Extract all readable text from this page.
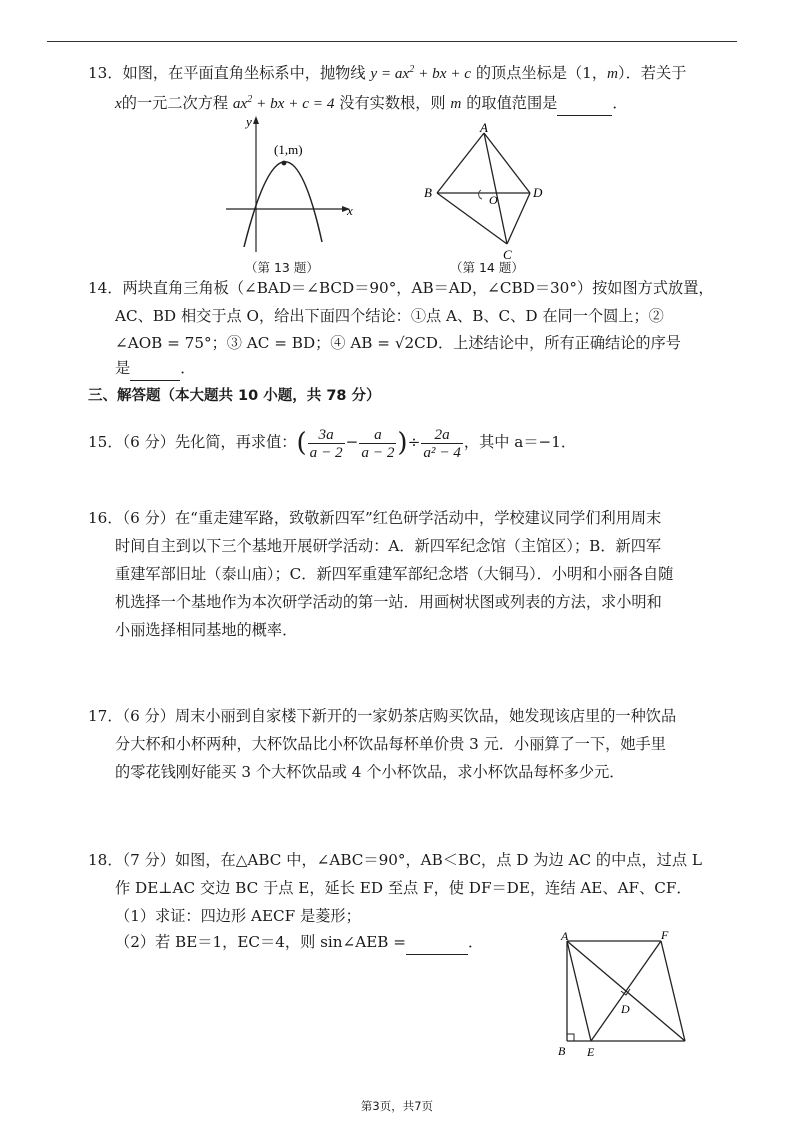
13．如图，在平面直角坐标系中，抛物线 $y = ax^2$ + bx + c 的顶点坐标是（1，m）．若关于
x的一元二次方程 $ax^2$ + bx + c = 4 没有实数根，则 m 的取值范围是	．
(1,m)
y
x
（第 13 题）
A
B	D
C
O
（第 14 题）
14．两块直角三角板（∠BAD＝∠BCD＝90°，AB＝AD，∠CBD＝30°）按如图方式放置，
AC、BD 相交于点 O，给出下面四个结论：①点 A、B、C、D 在同一个圆上；②
∠AOB = 75°；③ AC = BD；④ AB = √2CD．上述结论中，所有正确结论的序号
是	．
三、解答题（本大题共 10 小题，共 78 分）
15．（6 分）先化简，再求值：( $\frac{3a}{a - 2} - \frac{a}{a - 2}$ )÷ $\frac{2a}{\text{a² − 4}}$ ，其中 a＝−1．
16．（6 分）在“重走建军路，致敬新四军”红色研学活动中，学校建议同学们利用周末
时间自主到以下三个基地开展研学活动：A．新四军纪念馆（主馆区）；B．新四军
重建军部旧址（泰山庙）；C．新四军重建军部纪念塔（大铜马）．小明和小丽各自随
机选择一个基地作为本次研学活动的第一站．用画树状图或列表的方法，求小明和
小丽选择相同基地的概率．
17．（6 分）周末小丽到自家楼下新开的一家奶茶店购买饮品，她发现该店里的一种饮品
分大杯和小杯两种，大杯饮品比小杯饮品每杯单价贵 3 元．小丽算了一下，她手里
的零花钱刚好能买 3 个大杯饮品或 4 个小杯饮品，求小杯饮品每杯多少元．
18．（7 分）如图，在△ABC 中，∠ABC＝90°，AB＜BC，点 D 为边 AC 的中点，过点 L
作 DE⊥AC 交边 BC 于点 E，延长 ED 至点 F，使 DF＝DE，连结 AE、AF、CF．
（1）求证：四边形 AECF 是菱形；
（2）若 BE＝1，EC＝4，则 sin∠AEB =	．	A	F
D
B E
第3页，共7页
